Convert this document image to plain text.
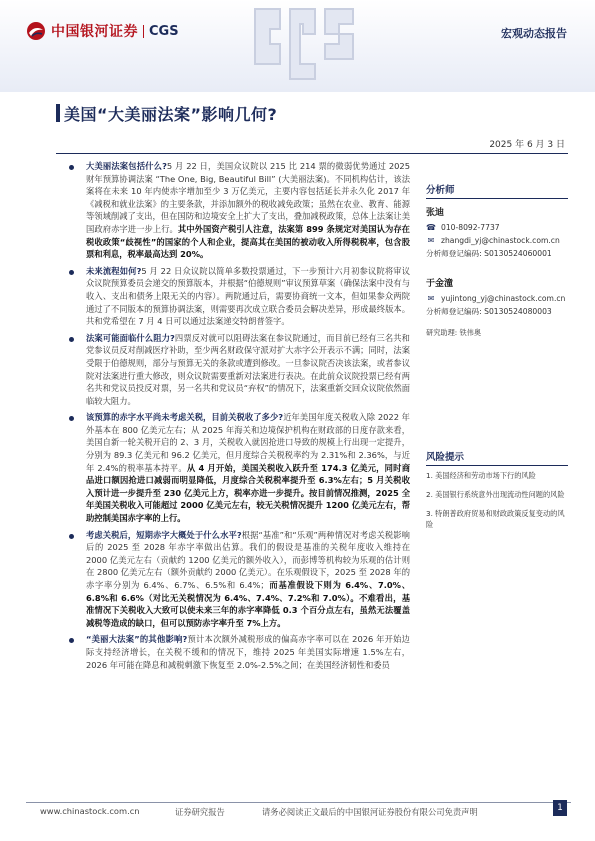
中国银河证券 CGS	宏观动态报告
美国“大美丽法案”影响几何?
2025 年 6 月 3 日

大美丽法案包括什么?5 月 22 日，美国众议院以 215 比 214 票的微弱优势通过 2025 财年预算协调法案 “The One, Big, Beautiful Bill” (大美丽法案)。不同机构估计，该法案将在未来 10 年内使赤字增加至少 3 万亿美元，主要内容包括延长并永久化 2017 年《减税和就业法案》的主要条款，并添加额外的税收减免政策；虽然在农业、教育、能源等领域削减了支出，但在国防和边境安全上扩大了支出，叠加减税政策，总体上法案让美国政府赤字进一步上行。其中外国资产税引人注意，法案第 899 条规定对美国认为存在税收政策“歧视性”的国家的个人和企业，提高其在美国的被动收入所得税税率，包含股票和利息，税率最高达到 20%。

未来流程如何?5 月 22 日众议院以简单多数投票通过，下一步预计六月初参议院将审议众议院预算委员会递交的预算版本，并根据“伯德规则”审议预算草案（确保法案中没有与收入、支出和债务上限无关的内容）。两院通过后，需要协商统一文本，但如果参众两院通过了不同版本的预算协调法案，则需要再次成立联合委员会解决差异，形成最终版本。共和党希望在 7 月 4 日可以通过法案递交特朗普签字。

法案可能面临什么阻力?四票反对就可以阻碍法案在参议院通过，而目前已经有三名共和党参议员反对削减医疗补助，至少两名财政保守派对扩大赤字公开表示不满；同时，法案受限于伯德规则，部分与预算无关的条款或遭到修改。一旦参议院否决该法案，或者参议院对法案进行重大修改，则众议院需要重新对法案进行表决。在此前众议院投票已经有两名共和党议员投反对票，另一名共和党议员“弃权”的情况下，法案重新交回众议院依然面临较大阻力。

该预算的赤字水平尚未考虑关税，目前关税收了多少?近年美国年度关税收入除 2022 年外基本在 800 亿美元左右；从 2025 年海关和边境保护机构在财政部的日度存款来看，美国自新一轮关税开启的 2、3 月，关税收入就因抢进口导致的规模上行出现一定提升，分别为 89.3 亿美元和 96.2 亿美元，但月度综合关税税率约为 2.31%和 2.36%，与近年 2.4%的税率基本持平。从 4 月开始，美国关税收入跃升至 174.3 亿美元，同时商品进口额因抢进口减弱而明显降低，月度综合关税税率提升至 6.3%左右；5 月关税收入预计进一步提升至 230 亿美元上方，税率亦进一步提升。按目前情况推测，2025 全年美国关税收入可能超过 2000 亿美元左右，较无关税情况提升 1200 亿美元左右，帮助控制美国赤字率的上行。

考虑关税后，短期赤字大概处于什么水平?根据“基准”和“乐观”两种情况对考虑关税影响后的 2025 至 2028 年赤字率做出估算。我们的假设是基准的关税年度收入维持在 2000 亿美元左右（贡献约 1200 亿美元的额外收入），而彭博等机构较为乐观的估计则在 2800 亿美元左右（额外贡献约 2000 亿美元）。在乐观假设下，2025 至 2028 年的赤字率分别为 6.4%、6.7%、6.5%和 6.4%；而基准假设下则为 6.4%、7.0%、6.8%和 6.6%（对比无关税情况为 6.4%、7.4%、7.2%和 7.0%）。不难看出，基准情况下关税收入大致可以使未来三年的赤字率降低 0.3 个百分点左右，虽然无法覆盖减税等造成的缺口，但可以预防赤字率升至 7%上方。

“美丽大法案”的其他影响?预计本次额外减税形成的偏高赤字率可以在 2026 年开始边际支持经济增长，在关税不缓和的情况下，维持 2025 年美国实际增速 1.5%左右，2026 年可能在降息和减税刺激下恢复至 2.0%-2.5%之间；在美国经济韧性和委员

分析师
张迪
☎ 010-8092-7737
✉ zhangdi_yj@chinastock.com.cn
分析师登记编码: S0130524060001
于金潼
✉ yujintong_yj@chinastock.com.cn
分析师登记编码: S0130524080003
研究助理: 铁伟奥
风险提示
1. 美国经济和劳动市场下行的风险
2. 美国银行系统意外出现流动性问题的风险
3. 特朗普政府贸易和财政政策反复变动的风险
www.chinastock.com.cn	证券研究报告	请务必阅读正文最后的中国银河证券股份有限公司免责声明	1
